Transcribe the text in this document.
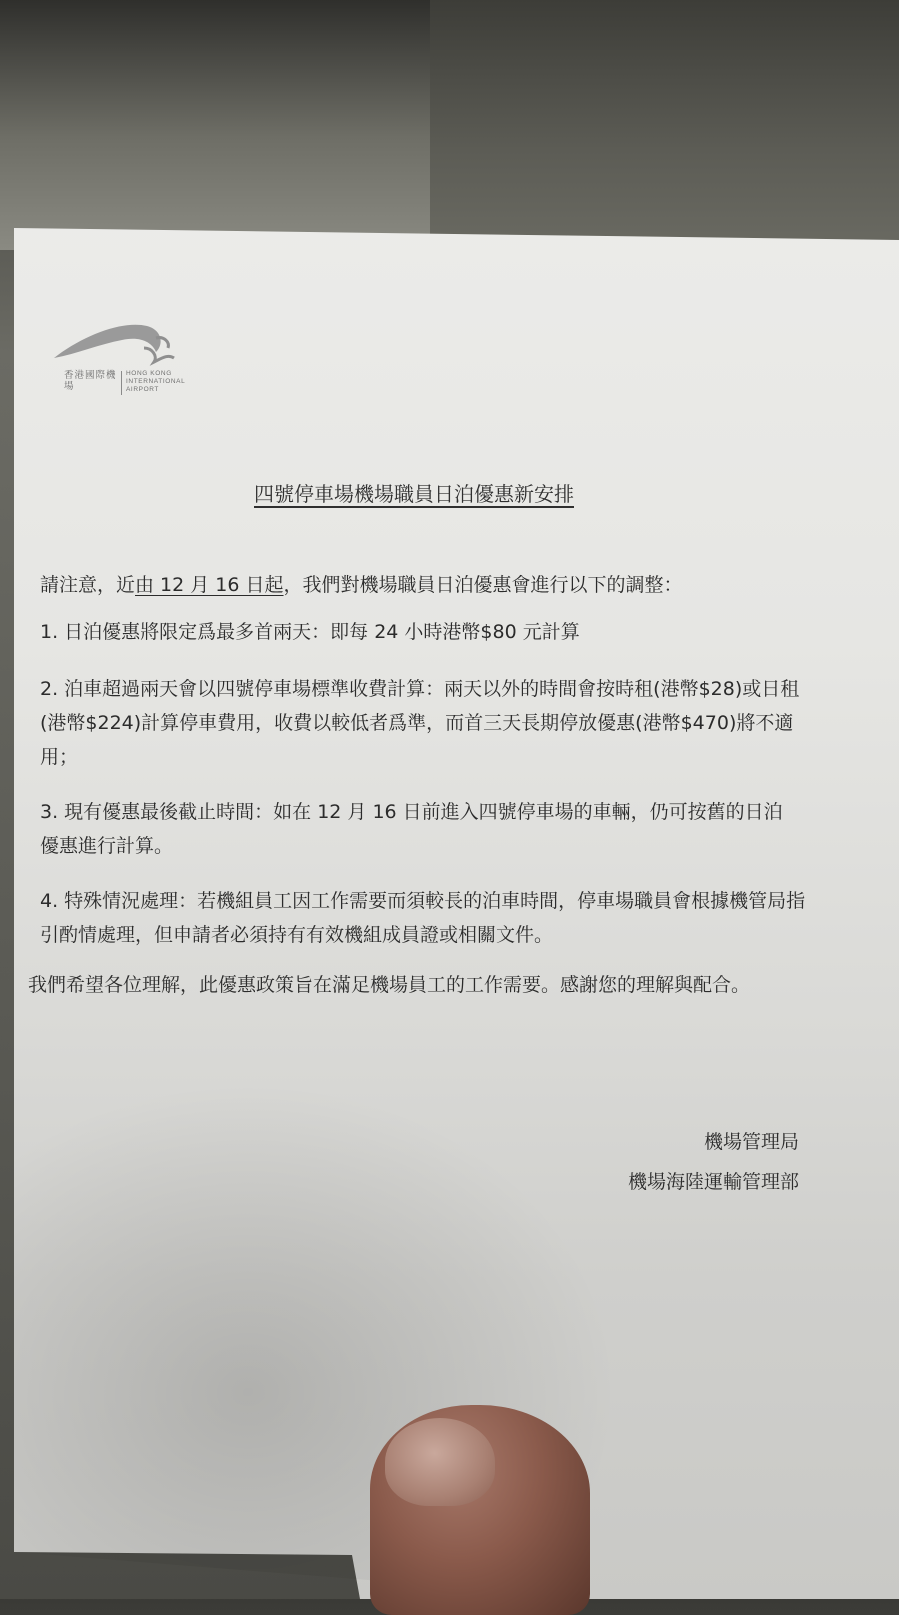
香港國際機場
HONG KONG
INTERNATIONAL
AIRPORT
四號停車場機場職員日泊優惠新安排
請注意，近由 12 月 16 日起，我們對機場職員日泊優惠會進行以下的調整：
1. 日泊優惠將限定爲最多首兩天：即每 24 小時港幣$80 元計算
2. 泊車超過兩天會以四號停車場標準收費計算：兩天以外的時間會按時租(港幣$28)或日租(港幣$224)計算停車費用，收費以較低者爲準，而首三天長期停放優惠(港幣$470)將不適用；
3. 現有優惠最後截止時間：如在 12 月 16 日前進入四號停車場的車輛，仍可按舊的日泊優惠進行計算。
4. 特殊情況處理：若機組員工因工作需要而須較長的泊車時間，停車場職員會根據機管局指引酌情處理，但申請者必須持有有效機組成員證或相關文件。
我們希望各位理解，此優惠政策旨在滿足機場員工的工作需要。感謝您的理解與配合。
機場管理局
機場海陸運輸管理部
